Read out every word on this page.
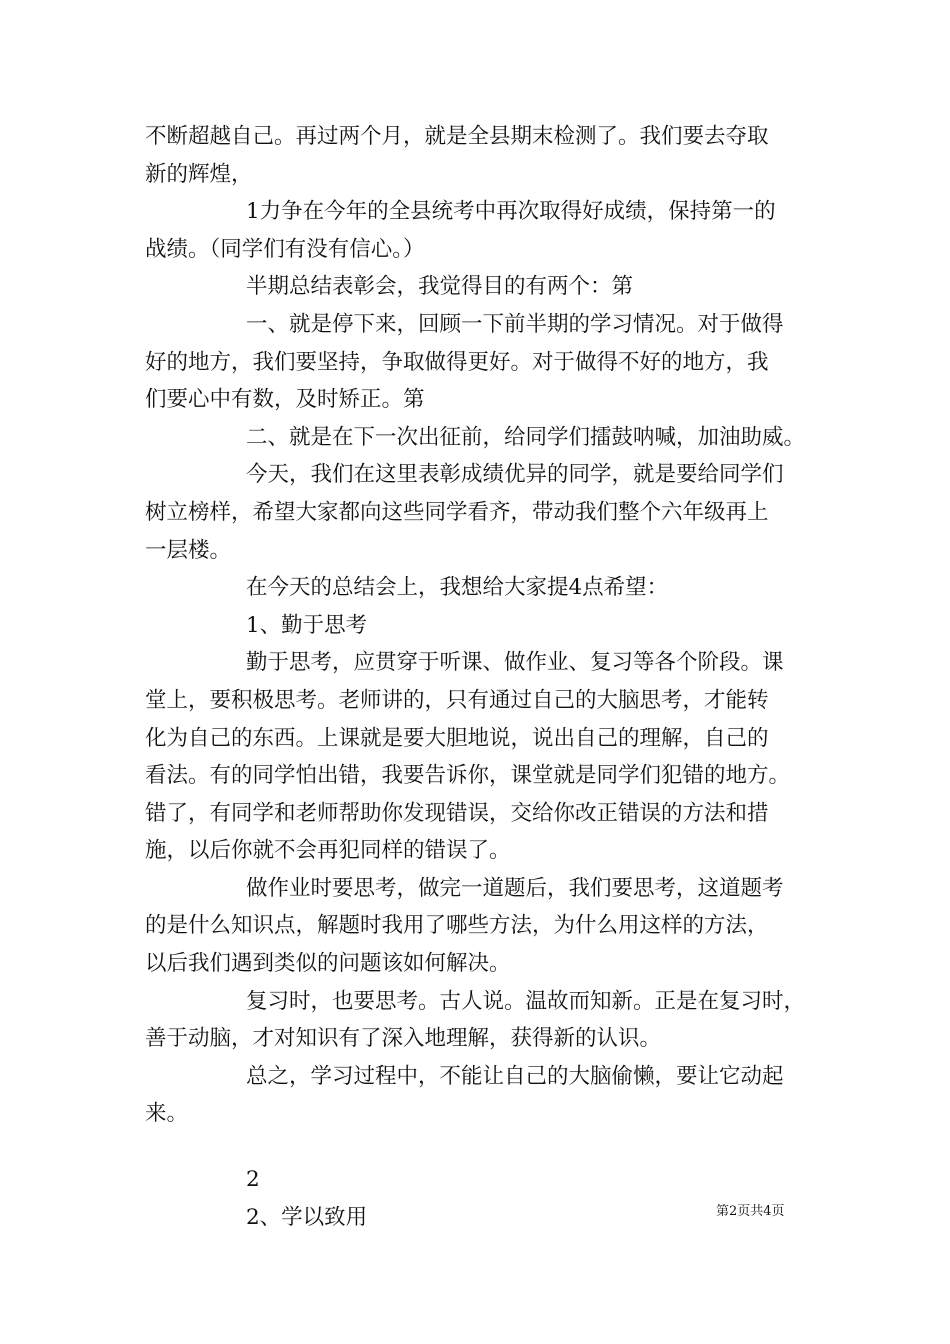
不断超越自己。再过两个月，就是全县期末检测了。我们要去夺取
新的辉煌，
1力争在今年的全县统考中再次取得好成绩，保持第一的
战绩。（同学们有没有信心。）
半期总结表彰会，我觉得目的有两个：第
一、就是停下来，回顾一下前半期的学习情况。对于做得
好的地方，我们要坚持，争取做得更好。对于做得不好的地方，我
们要心中有数，及时矫正。第
二、就是在下一次出征前，给同学们擂鼓呐喊，加油助威。
今天，我们在这里表彰成绩优异的同学，就是要给同学们
树立榜样，希望大家都向这些同学看齐，带动我们整个六年级再上
一层楼。
在今天的总结会上，我想给大家提4点希望：
1、勤于思考
勤于思考，应贯穿于听课、做作业、复习等各个阶段。课
堂上，要积极思考。老师讲的，只有通过自己的大脑思考，才能转
化为自己的东西。上课就是要大胆地说，说出自己的理解，自己的
看法。有的同学怕出错，我要告诉你，课堂就是同学们犯错的地方。
错了，有同学和老师帮助你发现错误，交给你改正错误的方法和措
施，以后你就不会再犯同样的错误了。
做作业时要思考，做完一道题后，我们要思考，这道题考
的是什么知识点，解题时我用了哪些方法，为什么用这样的方法，
以后我们遇到类似的问题该如何解决。
复习时，也要思考。古人说。温故而知新。正是在复习时，
善于动脑，才对知识有了深入地理解，获得新的认识。
总之，学习过程中，不能让自己的大脑偷懒，要让它动起
来。
2
2、学以致用	第2页共4页
